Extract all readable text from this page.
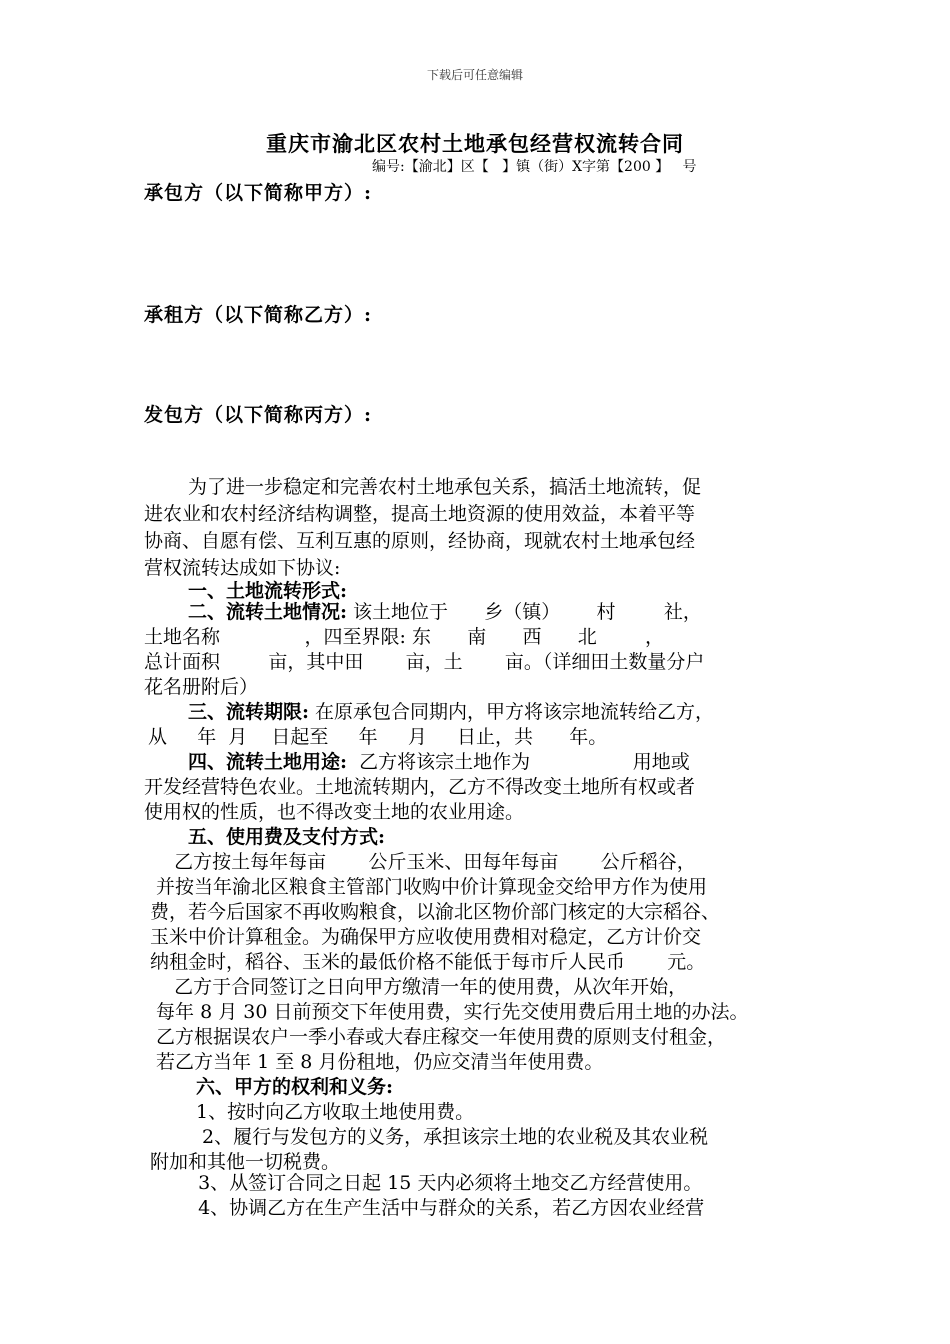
下载后可任意编辑
重庆市渝北区农村土地承包经营权流转合同
编号:【渝北】区【   】镇（街）X字第【200 】   号
承包方（以下简称甲方）:
承租方（以下简称乙方）:
发包方（以下简称丙方）:
为了进一步稳定和完善农村土地承包关系，搞活土地流转，促
进农业和农村经济结构调整，提高土地资源的使用效益，本着平等
协商、自愿有偿、互利互惠的原则，经协商，现就农村土地承包经
营权流转达成如下协议:
一、土地流转形式:
二、流转土地情况: 该土地位于      乡（镇）      村        社，
土地名称              ，四至界限: 东      南      西      北        ，
总计面积        亩，其中田       亩，土       亩。（详细田土数量分户
花名册附后）
三、流转期限: 在原承包合同期内，甲方将该宗地流转给乙方，
从     年  月    日起至     年     月     日止，共      年。
四、流转土地用途:  乙方将该宗土地作为                 用地或
开发经营特色农业。土地流转期内，乙方不得改变土地所有权或者
使用权的性质，也不得改变土地的农业用途。
五、使用费及支付方式:
乙方按土每年每亩       公斤玉米、田每年每亩       公斤稻谷，
并按当年渝北区粮食主管部门收购中价计算现金交给甲方作为使用
费，若今后国家不再收购粮食，以渝北区物价部门核定的大宗稻谷、
玉米中价计算租金。为确保甲方应收使用费相对稳定，乙方计价交
纳租金时，稻谷、玉米的最低价格不能低于每市斤人民币       元。
乙方于合同签订之日向甲方缴清一年的使用费，从次年开始，
每年 8 月 30 日前预交下年使用费，实行先交使用费后用土地的办法。
乙方根据误农户一季小春或大春庄稼交一年使用费的原则支付租金，
若乙方当年 1 至 8 月份租地，仍应交清当年使用费。
六、甲方的权利和义务:
1、按时向乙方收取土地使用费。
2、履行与发包方的义务，承担该宗土地的农业税及其农业税
附加和其他一切税费。
3、从签订合同之日起 15 天内必须将土地交乙方经营使用。
4、协调乙方在生产生活中与群众的关系，若乙方因农业经营
